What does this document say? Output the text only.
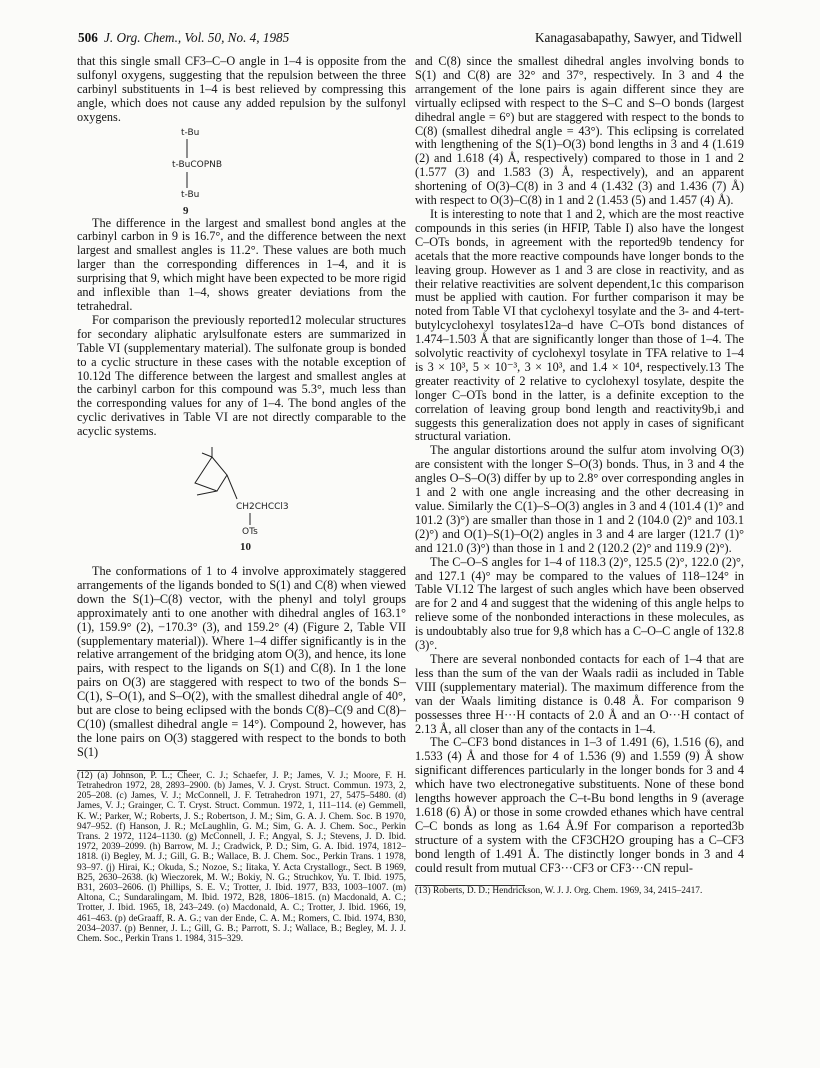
506 J. Org. Chem., Vol. 50, No. 4, 1985	Kanagasabapathy, Sawyer, and Tidwell

that this single small CF3–C–O angle in 1–4 is opposite from the sulfonyl oxygens, suggesting that the repulsion between the three carbinyl substituents in 1–4 is best relieved by compressing this angle, which does not cause any added repulsion by the sulfonyl oxygens.

t-Bu
t-BuCOPNB
t-Bu
9

The difference in the largest and smallest bond angles at the carbinyl carbon in 9 is 16.7°, and the difference between the next largest and smallest angles is 11.2°. These values are both much larger than the corresponding differences in 1–4, and it is surprising that 9, which might have been expected to be more rigid and inflexible than 1–4, shows greater deviations from the tetrahedral.

For comparison the previously reported12 molecular structures for secondary aliphatic arylsulfonate esters are summarized in Table VI (supplementary material). The sulfonate group is bonded to a cyclic structure in these cases with the notable exception of 10.12d The difference between the largest and smallest angles at the carbinyl carbon for this compound was 5.3°, much less than the corresponding values for any of 1–4. The bond angles of the cyclic derivatives in Table VI are not directly comparable to the acyclic systems.

CH2CHCCl3
OTs
10

The conformations of 1 to 4 involve approximately staggered arrangements of the ligands bonded to S(1) and C(8) when viewed down the S(1)–C(8) vector, with the phenyl and tolyl groups approximately anti to one another with dihedral angles of 163.1° (1), 159.9° (2), −170.3° (3), and 159.2° (4) (Figure 2, Table VII (supplementary material)). Where 1–4 differ significantly is in the relative arrangement of the bridging atom O(3), and hence, its lone pairs, with respect to the ligands on S(1) and C(8). In 1 the lone pairs on O(3) are staggered with respect to two of the bonds S–C(1), S–O(1), and S–O(2), with the smallest dihedral angle of 40°, but are close to being eclipsed with the bonds C(8)–C(9 and C(8)–C(10) (smallest dihedral angle = 14°). Compound 2, however, has the lone pairs on O(3) staggered with respect to the bonds to both S(1)

(12) (a) Johnson, P. L.; Cheer, C. J.; Schaefer, J. P.; James, V. J.; Moore, F. H. Tetrahedron 1972, 28, 2893–2900. (b) James, V. J. Cryst. Struct. Commun. 1973, 2, 205–208. (c) James, V. J.; McConnell, J. F. Tetrahedron 1971, 27, 5475–5480. (d) James, V. J.; Grainger, C. T. Cryst. Struct. Commun. 1972, 1, 111–114. (e) Gemmell, K. W.; Parker, W.; Roberts, J. S.; Robertson, J. M.; Sim, G. A. J. Chem. Soc. B 1970, 947–952. (f) Hanson, J. R.; McLaughlin, G. M.; Sim, G. A. J. Chem. Soc., Perkin Trans. 2 1972, 1124–1130. (g) McConnell, J. F.; Angyal, S. J.; Stevens, J. D. Ibid. 1972, 2039–2099. (h) Barrow, M. J.; Cradwick, P. D.; Sim, G. A. Ibid. 1974, 1812–1818. (i) Begley, M. J.; Gill, G. B.; Wallace, B. J. Chem. Soc., Perkin Trans. 1 1978, 93–97. (j) Hirai, K.; Okuda, S.; Nozoe, S.; Iitaka, Y. Acta Crystallogr., Sect. B 1969, B25, 2630–2638. (k) Wieczorek, M. W.; Bokiy, N. G.; Struchkov, Yu. T. Ibid. 1975, B31, 2603–2606. (l) Phillips, S. E. V.; Trotter, J. Ibid. 1977, B33, 1003–1007. (m) Altona, C.; Sundaralingam, M. Ibid. 1972, B28, 1806–1815. (n) Macdonald, A. C.; Trotter, J. Ibid. 1965, 18, 243–249. (o) Macdonald, A. C.; Trotter, J. Ibid. 1966, 19, 461–463. (p) deGraaff, R. A. G.; van der Ende, C. A. M.; Romers, C. Ibid. 1974, B30, 2034–2037. (p) Benner, J. L.; Gill, G. B.; Parrott, S. J.; Wallace, B.; Begley, M. J. J. Chem. Soc., Perkin Trans 1. 1984, 315–329.

and C(8) since the smallest dihedral angles involving bonds to S(1) and C(8) are 32° and 37°, respectively. In 3 and 4 the arrangement of the lone pairs is again different since they are virtually eclipsed with respect to the S–C and S–O bonds (largest dihedral angle = 6°) but are staggered with respect to the bonds to C(8) (smallest dihedral angle = 43°). This eclipsing is correlated with lengthening of the S(1)–O(3) bond lengths in 3 and 4 (1.619 (2) and 1.618 (4) Å, respectively) compared to those in 1 and 2 (1.577 (3) and 1.583 (3) Å, respectively), and an apparent shortening of O(3)–C(8) in 3 and 4 (1.432 (3) and 1.436 (7) Å) with respect to O(3)–C(8) in 1 and 2 (1.453 (5) and 1.457 (4) Å).

It is interesting to note that 1 and 2, which are the most reactive compounds in this series (in HFIP, Table I) also have the longest C–OTs bonds, in agreement with the reported9b tendency for acetals that the more reactive compounds have longer bonds to the leaving group. However as 1 and 3 are close in reactivity, and as their relative reactivities are solvent dependent,1c this comparison must be applied with caution. For further comparison it may be noted from Table VI that cyclohexyl tosylate and the 3- and 4-tert-butylcyclohexyl tosylates12a–d have C–OTs bond distances of 1.474–1.503 Å that are significantly longer than those of 1–4. The solvolytic reactivity of cyclohexyl tosylate in TFA relative to 1–4 is 3 × 10³, 5 × 10⁻³, 3 × 10³, and 1.4 × 10⁴, respectively.13 The greater reactivity of 2 relative to cyclohexyl tosylate, despite the longer C–OTs bond in the latter, is a definite exception to the correlation of leaving group bond length and reactivity9b,i and suggests this generalization does not apply in cases of significant structural variation.

The angular distortions around the sulfur atom involving O(3) are consistent with the longer S–O(3) bonds. Thus, in 3 and 4 the angles O–S–O(3) differ by up to 2.8° over corresponding angles in 1 and 2 with one angle increasing and the other decreasing in value. Similarly the C(1)–S–O(3) angles in 3 and 4 (101.4 (1)° and 101.2 (3)°) are smaller than those in 1 and 2 (104.0 (2)° and 103.1 (2)°) and O(1)–S(1)–O(2) angles in 3 and 4 are larger (121.7 (1)° and 121.0 (3)°) than those in 1 and 2 (120.2 (2)° and 119.9 (2)°).

The C–O–S angles for 1–4 of 118.3 (2)°, 125.5 (2)°, 122.0 (2)°, and 127.1 (4)° may be compared to the values of 118–124° in Table VI.12 The largest of such angles which have been observed are for 2 and 4 and suggest that the widening of this angle helps to relieve some of the nonbonded interactions in these molecules, as is undoubtably also true for 9,8 which has a C–O–C angle of 132.8 (3)°.

There are several nonbonded contacts for each of 1–4 that are less than the sum of the van der Waals radii as included in Table VIII (supplementary material). The maximum difference from the van der Waals limiting distance is 0.48 Å. For comparison 9 possesses three H···H contacts of 2.0 Å and an O···H contact of 2.13 Å, all closer than any of the contacts in 1–4.

The C–CF3 bond distances in 1–3 of 1.491 (6), 1.516 (6), and 1.533 (4) Å and those for 4 of 1.536 (9) and 1.559 (9) Å show significant differences particularly in the longer bonds for 3 and 4 which have two electronegative substituents. None of these bond lengths however approach the C–t-Bu bond lengths in 9 (average 1.618 (6) Å) or those in some crowded ethanes which have central C–C bonds as long as 1.64 Å.9f For comparison a reported3b structure of a system with the CF3CH2O grouping has a C–CF3 bond length of 1.491 Å. The distinctly longer bonds in 3 and 4 could result from mutual CF3···CF3 or CF3···CN repul-

(13) Roberts, D. D.; Hendrickson, W. J. J. Org. Chem. 1969, 34, 2415–2417.
